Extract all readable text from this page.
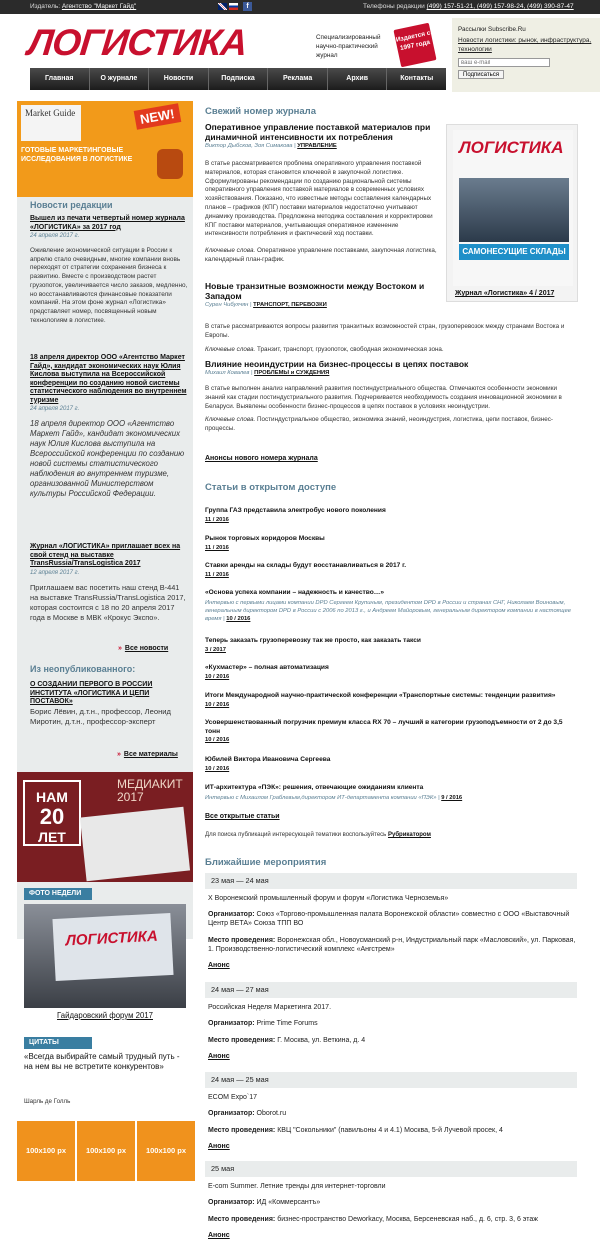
Издатель: Агентство "Маркет Гайд"	f	Телефоны редакции (499) 157-51-21, (499) 157-98-24, (499) 390-87-47
ЛОГИСТИКА	Специализированный научно-практический журнал
Издается с 1997 года
Рассылки Subscribe.Ru
Новости логистики: рынок, инфраструктура, технологии
ваш e-mail
Подписаться
Главная	О журнале	Новости	Подписка	Реклама	Архив	Контакты
Market Guide	NEW!
ГОТОВЫЕ МАРКЕТИНГОВЫЕ ИССЛЕДОВАНИЯ В ЛОГИСТИКЕ
Новости редакции
Вышел из печати четвертый номер журнала «ЛОГИСТИКА» за 2017 год
24 апреля 2017 г.
Оживление экономической ситуации в России к апрелю стало очевидным, многие компании вновь переходят от стратегии сохранения бизнеса к развитию. Вместе с производством растет грузопоток, увеличивается число заказов, медленно, но восстанавливаются финансовые показатели компаний. На этом фоне журнал «Логистика» представляет номер, посвященный новым технологиям в логистике.
18 апреля директор ООО «Агентство Маркет Гайд», кандидат экономических наук Юлия Кислова выступила на Всероссийской конференции по созданию новой системы статистического наблюдения во внутреннем туризме
24 апреля 2017 г.
18 апреля директор ООО «Агентство Маркет Гайд», кандидат экономических наук Юлия Кислова выступила на Всероссийской конференции по созданию новой системы статистического наблюдения во внутреннем туризме, организованной Министерством культуры Российской Федерации.
Журнал «ЛОГИСТИКА» приглашает всех на свой стенд на выставке TransRussia/TransLogistica 2017
12 апреля 2017 г.
Приглашаем вас посетить наш стенд В-441 на выставке TransRussia/TransLogistica 2017, которая состоится с 18 по 20 апреля 2017 года в Москве в МВК «Крокус Экспо».
» Все новости
Из неопубликованного:
О СОЗДАНИИ ПЕРВОГО В РОССИИ ИНСТИТУТА «ЛОГИСТИКА И ЦЕПИ ПОСТАВОК»
Борис Лёвин, д.т.н., профессор, Леонид Миротин, д.т.н., профессор-эксперт
» Все материалы
НАМ
20
ЛЕТ
МЕДИАКИТ 2017
ФОТО НЕДЕЛИ
ЛОГИСТИКА
Гайдаровский форум 2017
ЦИТАТЫ
«Всегда выбирайте самый трудный путь - на нем вы не встретите конкурентов»
Шарль де Голль
100x100 px	100x100 px	100x100 px
Свежий номер журнала
Оперативное управление поставкой материалов при динамичной интенсивности их потребления
Виктор Дыбсков, Зоя Симакова | УПРАВЛЕНИЕ
В статье рассматривается проблема оперативного управления поставкой материалов, которая становится ключевой в закупочной логистике. Сформулированы рекомендации по созданию рациональной системы оперативного управления поставкой материалов в современных условиях хозяйствования. Показано, что известные методы составления календарных планов – графиков (КПГ) поставки материалов недостаточно учитывают динамику производства. Предложена методика составления и корректировки КПГ поставки материалов, учитывающая оперативное изменение интенсивности потребления и фактический ход поставки.
Ключевые слова. Оперативное управление поставками, закупочная логистика, календарный план-график.
ЛОГИСТИКА
САМОНЕСУЩИЕ СКЛАДЫ
Журнал «Логистика» 4 / 2017
Новые транзитные возможности между Востоком и Западом
Сурен Чибухчян | ТРАНСПОРТ, ПЕРЕВОЗКИ
В статье рассматриваются вопросы развития транзитных возможностей стран, грузоперевозок между странами Востока и Европы.
Ключевые слова. Транзит, транспорт, грузопоток, свободная экономическая зона.
Влияние неоиндустрии на бизнес-процессы в цепях поставок
Михаил Ковалев | ПРОБЛЕМЫ и СУЖДЕНИЯ
В статье выполнен анализ направлений развития постиндустриального общества. Отмечаются особенности экономики знаний как стадии постиндустриального развития. Подчеркивается необходимость создания инновационной экономики в Беларуси. Выявлены особенности бизнес-процессов в цепях поставок в условиях неоиндустрии.
Ключевые слова. Постиндустриальное общество, экономика знаний, неоиндустрия, логистика, цепи поставок, бизнес-процессы.
Анонсы нового номера журнала
Статьи в открытом доступе
Группа ГАЗ представила электробус нового поколения
11 / 2016
Рынок торговых коридоров Москвы
11 / 2016
Ставки аренды на склады будут восстанавливаться в 2017 г.
11 / 2016
«Основа успеха компании – надежность и качество…»
Интервью с первыми лицами компании DPD Сергеем Крупиным, президентом DPD в России и странах СНГ, Николаем Воиновым, генеральным директором DPD в России с 2006 по 2013 г., и Андреем Майоровым, генеральным директором компании в настоящее время | 10 / 2016
Теперь заказать грузоперевозку так же просто, как заказать такси
3 / 2017
«Кухмастер» – полная автоматизация
10 / 2016
Итоги Международной научно-практической конференции «Транспортные системы: тенденции развития»
10 / 2016
Усовершенствованный погрузчик премиум класса RX 70 – лучший в категории грузоподъемности от 2 до 3,5 тонн
10 / 2016
Юбилей Виктора Ивановича Сергеева
10 / 2016
ИТ-архитектура «ПЭК»: решения, отвечающие ожиданиям клиента
Интервью с Михаилом Граблевым,директором ИТ-департамента компании «ПЭК» | 9 / 2016
Все открытые статьи
Для поиска публикаций интересующей тематики воспользуйтесь Рубрикатором
Ближайшие мероприятия
23 мая — 24 мая
X Воронежский промышленный форум и форум «Логистика Черноземья»
Организатор: Союз «Торгово-промышленная палата Воронежской области» совместно с ООО «Выставочный Центр ВЕТА» Союза ТПП ВО
Место проведения: Воронежская обл., Новоусманский р-н, Индустриальный парк «Масловский», ул. Парковая, 1. Производственно-логистический комплекс «Ангстрем»
Анонс
24 мая — 27 мая
Российская Неделя Маркетинга 2017.
Организатор: Prime Time Forums
Место проведения: Г. Москва, ул. Веткина, д. 4
Анонс
24 мая — 25 мая
ECOM Expo`17
Организатор: Oborot.ru
Место проведения: КВЦ "Сокольники" (павильоны 4 и 4.1) Москва, 5-й Лучевой просек, 4
Анонс
25 мая
E-com Summer. Летние тренды для интернет-торговли
Организатор: ИД «Коммерсантъ»
Место проведения: бизнес-пространство Deworkacy, Москва, Берсеневская наб., д. 6, стр. 3, 6 этаж
Анонс
